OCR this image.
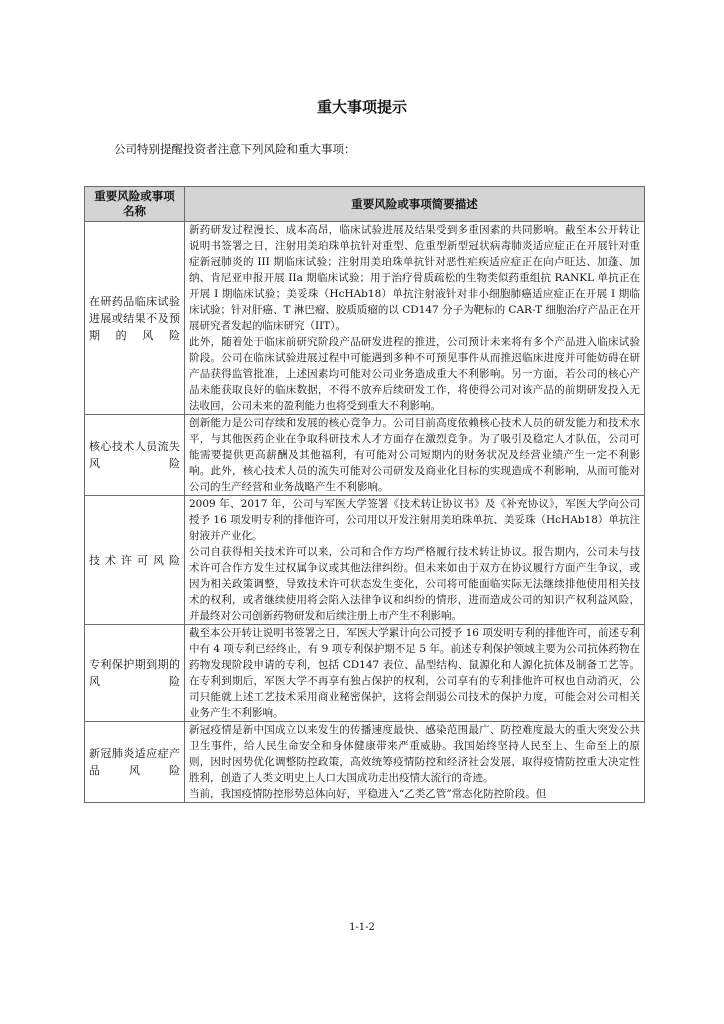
重大事项提示
公司特别提醒投资者注意下列风险和重大事项：
重要风险或事项名称	重要风险或事项简要描述
在研药品临床试验进展或结果不及预期的风险	新药研发过程漫长、成本高昂，临床试验进展及结果受到多重因素的共同影响。截至本公开转让说明书签署之日，注射用美珀珠单抗针对重型、危重型新型冠状病毒肺炎适应症正在开展针对重症新冠肺炎的 III 期临床试验；注射用美珀珠单抗针对恶性疟疾适应症正在向卢旺达、加蓬、加纳、肯尼亚申报开展 IIa 期临床试验；用于治疗骨质疏松的生物类似药重组抗 RANKL 单抗正在开展 I 期临床试验；美妥珠（HcHAb18）单抗注射液针对非小细胞肺癌适应症正在开展 I 期临床试验；针对肝癌、T 淋巴瘤、胶质质瘤的以 CD147 分子为靶标的 CAR-T 细胞治疗产品正在开展研究者发起的临床研究（IIT）。

此外，随着处于临床前研究阶段产品研发进程的推进，公司预计未来将有多个产品进入临床试验阶段。公司在临床试验进展过程中可能遇到多种不可预见事件从而推迟临床进度并可能妨碍在研产品获得监管批准，上述因素均可能对公司业务造成重大不利影响。另一方面，若公司的核心产品未能获取良好的临床数据，不得不放弃后续研发工作，将使得公司对该产品的前期研发投入无法收回，公司未来的盈利能力也将受到重大不利影响。

核心技术人员流失风险	创新能力是公司存续和发展的核心竞争力。公司目前高度依赖核心技术人员的研发能力和技术水平，与其他医药企业在争取科研技术人才方面存在激烈竞争。为了吸引及稳定人才队伍，公司可能需要提供更高薪酬及其他福利，有可能对公司短期内的财务状况及经营业绩产生一定不利影响。此外，核心技术人员的流失可能对公司研发及商业化目标的实现造成不利影响，从而可能对公司的生产经营和业务战略产生不利影响。

技术许可风险	2009 年、2017 年，公司与军医大学签署《技术转让协议书》及《补充协议》，军医大学向公司授予 16 项发明专利的排他许可，公司用以开发注射用美珀珠单抗、美妥珠（HcHAb18）单抗注射液并产业化。

公司自获得相关技术许可以来，公司和合作方均严格履行技术转让协议。报告期内，公司未与技术许可合作方发生过权属争议或其他法律纠纷。但未来如由于双方在协议履行方面产生争议，或因为相关政策调整，导致技术许可状态发生变化，公司将可能面临实际无法继续排他使用相关技术的权利，或者继续使用将会陷入法律争议和纠纷的情形，进而造成公司的知识产权利益风险，并最终对公司创新药物研发和后续注册上市产生不利影响。

专利保护期到期的风险	截至本公开转让说明书签署之日，军医大学累计向公司授予 16 项发明专利的排他许可，前述专利中有 4 项专利已经终止，有 9 项专利保护期不足 5 年。前述专利保护领域主要为公司抗体药物在药物发现阶段申请的专利，包括 CD147 表位、晶型结构、鼠源化和人源化抗体及制备工艺等。在专利到期后，军医大学不再享有独占保护的权利，公司享有的专利排他许可权也自动消灭，公司只能就上述工艺技术采用商业秘密保护，这将会削弱公司技术的保护力度，可能会对公司相关业务产生不利影响。

新冠肺炎适应症产品风险	新冠疫情是新中国成立以来发生的传播速度最快、感染范围最广、防控难度最大的重大突发公共卫生事件，给人民生命安全和身体健康带来严重威胁。我国始终坚持人民至上、生命至上的原则，因时因势优化调整防控政策，高效统筹疫情防控和经济社会发展，取得疫情防控重大决定性胜利，创造了人类文明史上人口大国成功走出疫情大流行的奇迹。

当前，我国疫情防控形势总体向好，平稳进入“乙类乙管”常态化防控阶段。但

1-1-2
